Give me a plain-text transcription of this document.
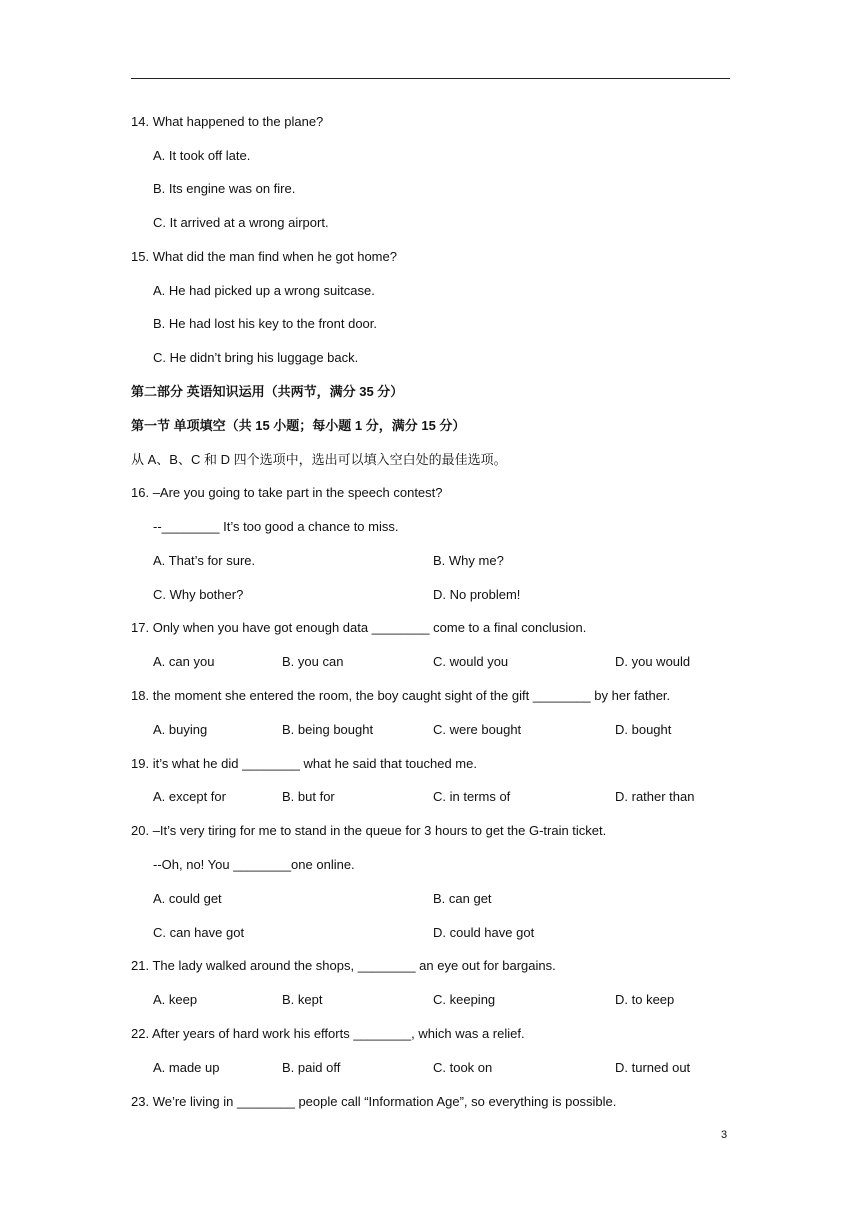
14. What happened to the plane?
A. It took off late.
B. Its engine was on fire.
C. It arrived at a wrong airport.
15. What did the man find when he got home?
A. He had picked up a wrong suitcase.
B. He had lost his key to the front door.
C. He didn’t bring his luggage back.
第二部分 英语知识运用（共两节，满分 35 分）
第一节 单项填空（共 15 小题；每小题 1 分，满分 15 分）
从 A、B、C 和 D 四个选项中，选出可以填入空白处的最佳选项。
16. –Are you going to take part in the speech contest?
--________ It’s too good a chance to miss.
A. That’s for sure.	B. Why me?
C. Why bother?	D. No problem!
17. Only when you have got enough data ________ come to a final conclusion.
A. can you	B. you can	C. would you	D. you would
18. the moment she entered the room, the boy caught sight of the gift ________ by her father.
A. buying	B. being bought	C. were bought	D. bought
19. it’s what he did ________ what he said that touched me.
A. except for	B. but for	C. in terms of	D. rather than
20. –It’s very tiring for me to stand in the queue for 3 hours to get the G-train ticket.
--Oh, no! You ________one online.
A. could get	B. can get
C. can have got	D. could have got
21. The lady walked around the shops, ________ an eye out for bargains.
A. keep	B. kept	C. keeping	D. to keep
22. After years of hard work his efforts ________, which was a relief.
A. made up	B. paid off	C. took on	D. turned out
23. We’re living in ________ people call “Information Age”, so everything is possible.
3
